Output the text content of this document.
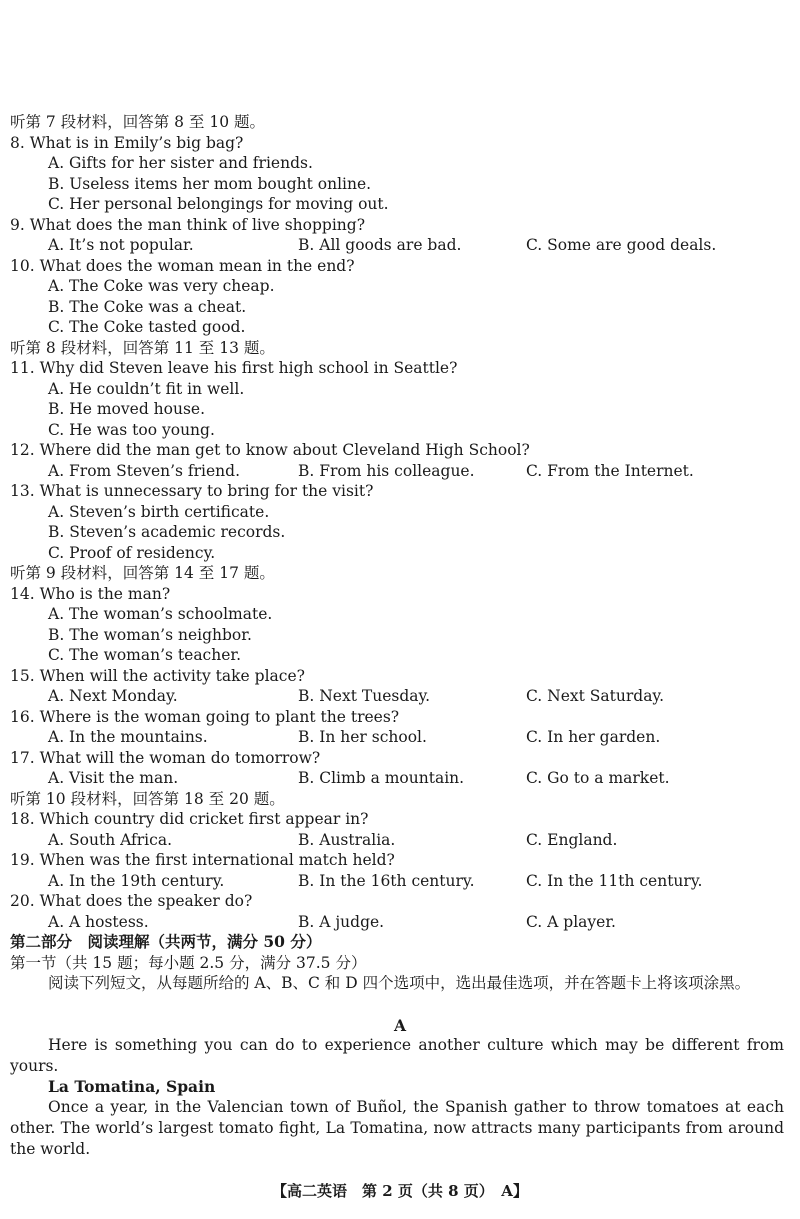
听第 7 段材料，回答第 8 至 10 题。
8. What is in Emily’s big bag?
A. Gifts for her sister and friends.
B. Useless items her mom bought online.
C. Her personal belongings for moving out.
9. What does the man think of live shopping?
A. It’s not popular.	B. All goods are bad.	C. Some are good deals.
10. What does the woman mean in the end?
A. The Coke was very cheap.
B. The Coke was a cheat.
C. The Coke tasted good.
听第 8 段材料，回答第 11 至 13 题。
11. Why did Steven leave his first high school in Seattle?
A. He couldn’t fit in well.
B. He moved house.
C. He was too young.
12. Where did the man get to know about Cleveland High School?
A. From Steven’s friend.	B. From his colleague.	C. From the Internet.
13. What is unnecessary to bring for the visit?
A. Steven’s birth certificate.
B. Steven’s academic records.
C. Proof of residency.
听第 9 段材料，回答第 14 至 17 题。
14. Who is the man?
A. The woman’s schoolmate.
B. The woman’s neighbor.
C. The woman’s teacher.
15. When will the activity take place?
A. Next Monday.	B. Next Tuesday.	C. Next Saturday.
16. Where is the woman going to plant the trees?
A. In the mountains.	B. In her school.	C. In her garden.
17. What will the woman do tomorrow?
A. Visit the man.	B. Climb a mountain.	C. Go to a market.
听第 10 段材料，回答第 18 至 20 题。
18. Which country did cricket first appear in?
A. South Africa.	B. Australia.	C. England.
19. When was the first international match held?
A. In the 19th century.	B. In the 16th century.	C. In the 11th century.
20. What does the speaker do?
A. A hostess.	B. A judge.	C. A player.
第二部分　阅读理解（共两节，满分 50 分）
第一节（共 15 题；每小题 2.5 分，满分 37.5 分）
阅读下列短文，从每题所给的 A、B、C 和 D 四个选项中，选出最佳选项，并在答题卡上将该项涂黑。
A
Here is something you can do to experience another culture which may be different from yours.
La Tomatina, Spain
Once a year, in the Valencian town of Buñol, the Spanish gather to throw tomatoes at each other. The world’s largest tomato fight, La Tomatina, now attracts many participants from around the world.
【高二英语　第 2 页（共 8 页）　A】
